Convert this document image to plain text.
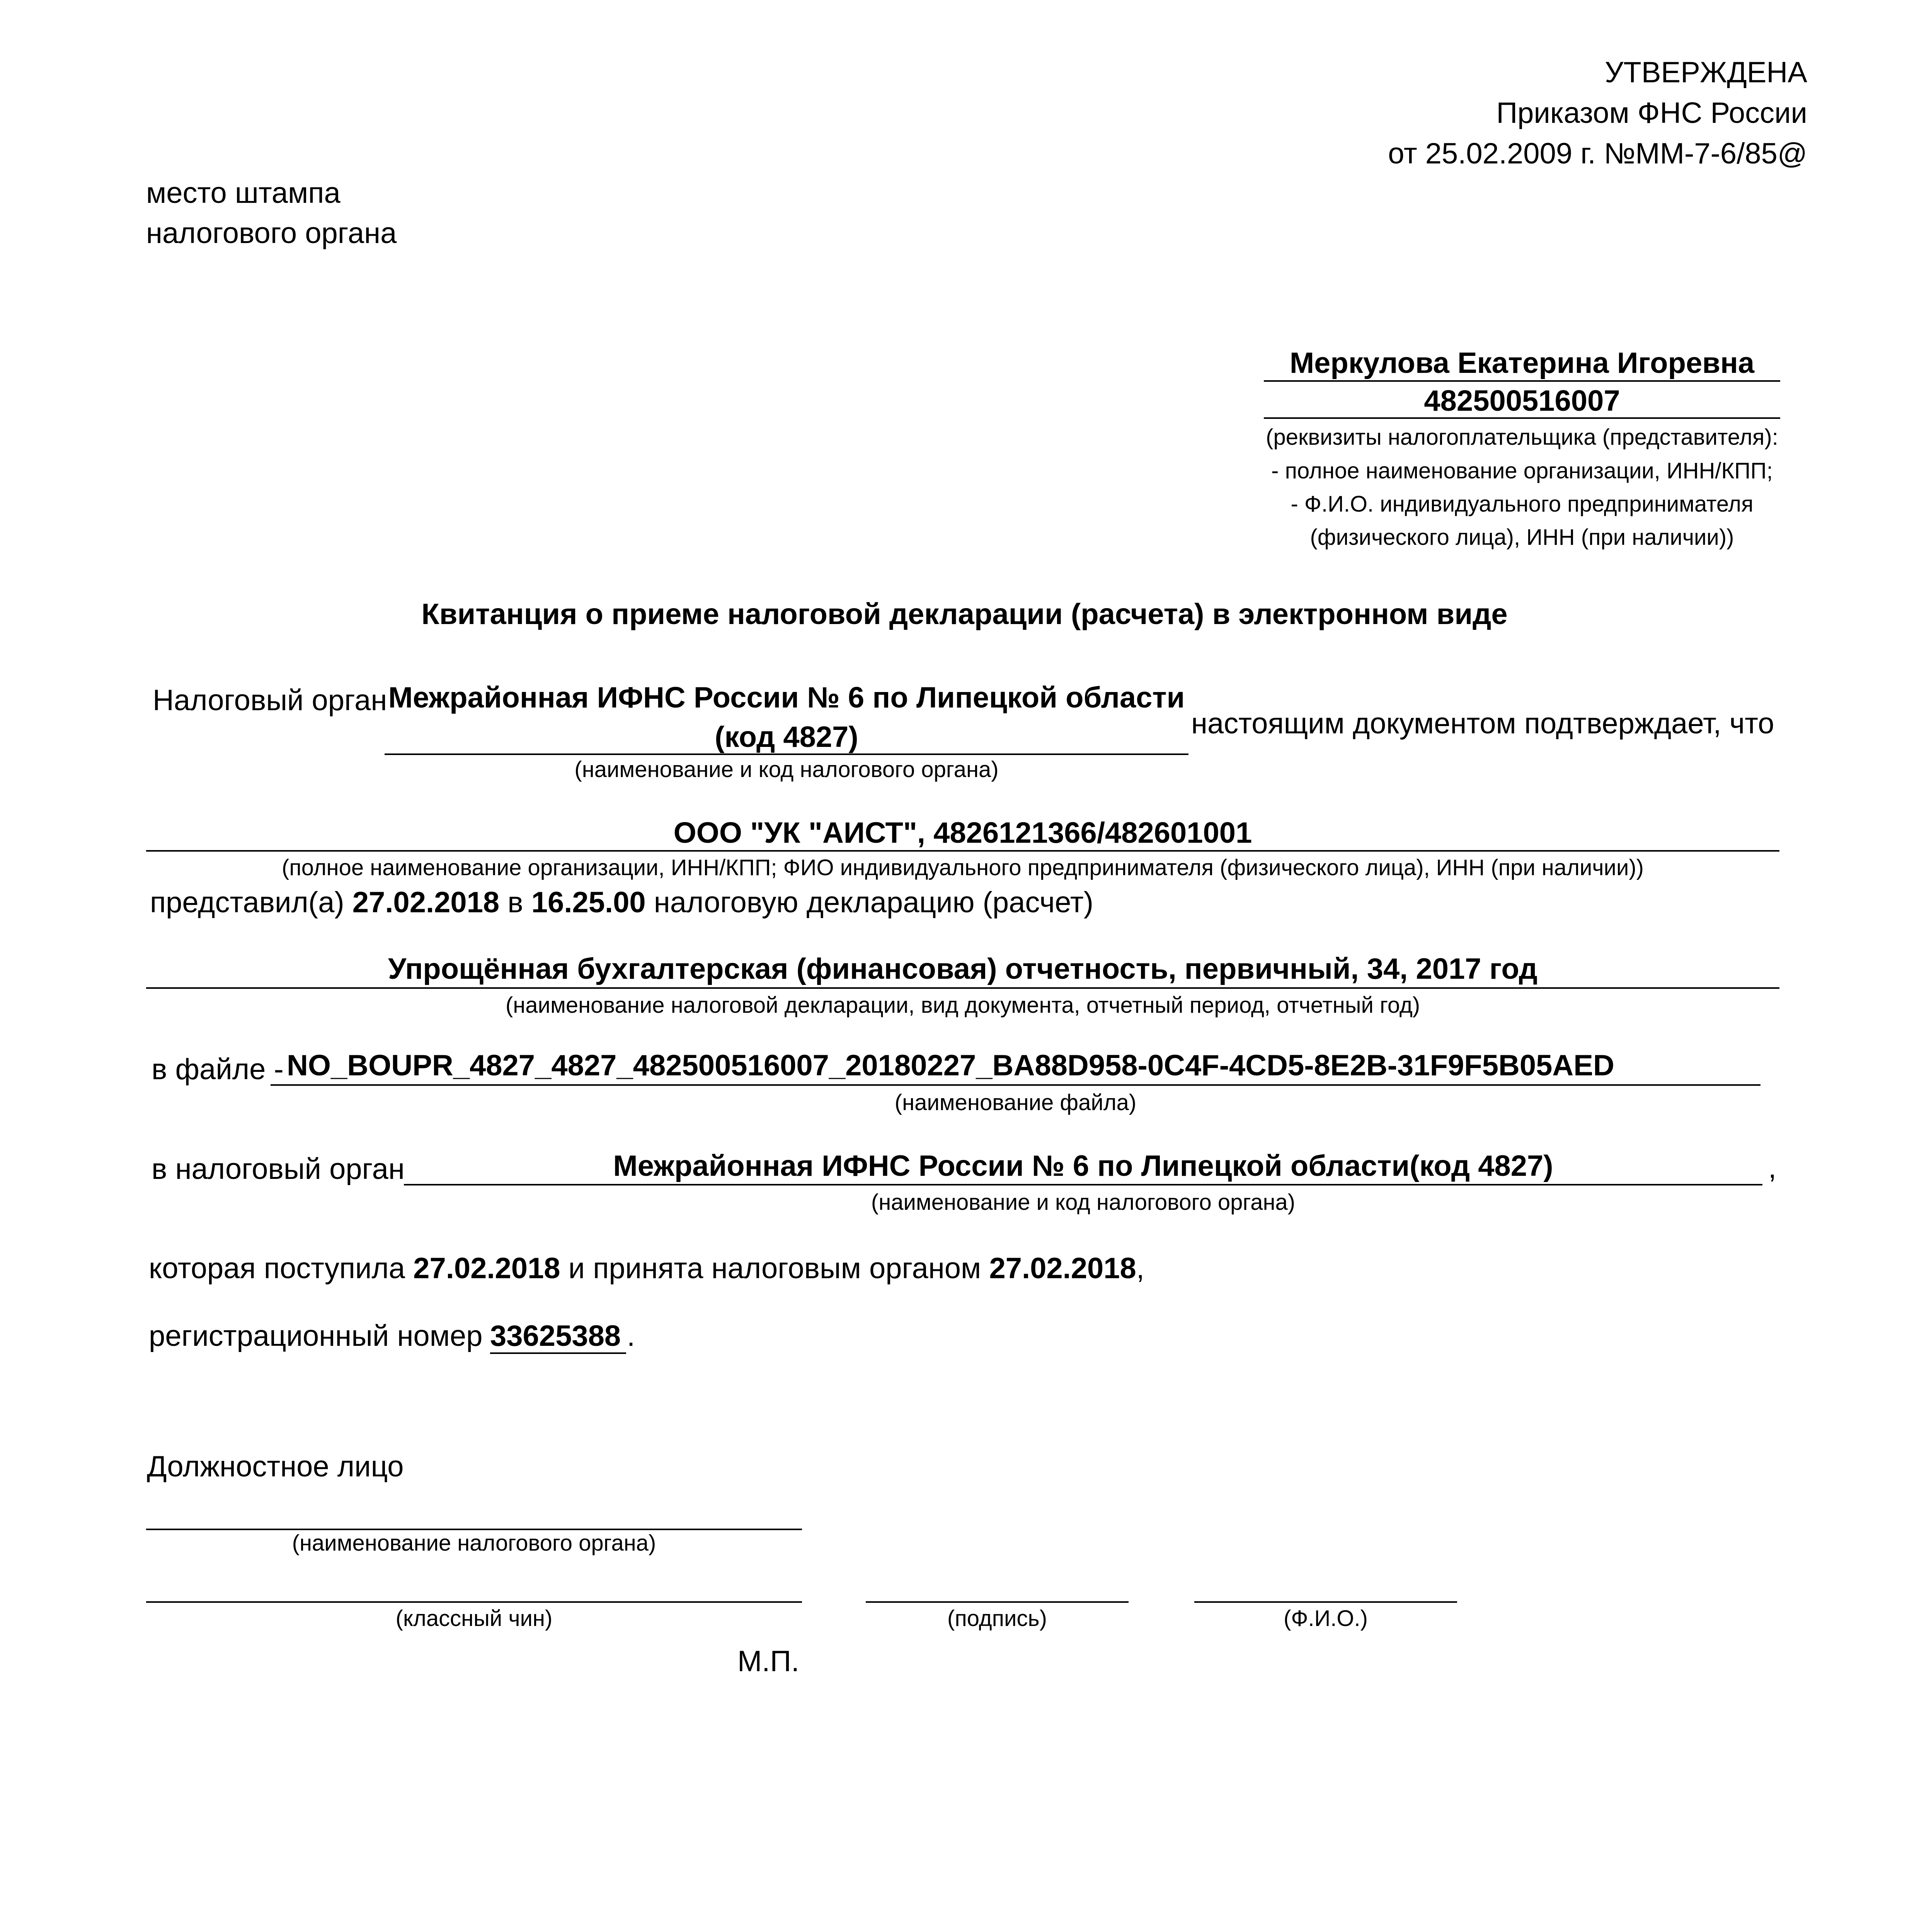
УТВЕРЖДЕНА
Приказом ФНС России
от 25.02.2009 г. №ММ-7-6/85@
место штампа
налогового органа
Меркулова Екатерина Игоревна
482500516007
(реквизиты налогоплательщика (представителя):
- полное наименование организации, ИНН/КПП;
- Ф.И.О. индивидуального предпринимателя
(физического лица), ИНН (при наличии))
Квитанция о приеме налоговой декларации (расчета) в электронном виде
Налоговый орган Межрайонная ИФНС России № 6 по Липецкой области
(код 4827)	настоящим документом подтверждает, что
(наименование и код налогового органа)
ООО "УК "АИСТ", 4826121366/482601001
(полное наименование организации, ИНН/КПП; ФИО индивидуального предпринимателя (физического лица), ИНН (при наличии))
представил(а) 27.02.2018 в 16.25.00 налоговую декларацию (расчет)
Упрощённая бухгалтерская (финансовая) отчетность, первичный, 34, 2017 год
(наименование налоговой декларации, вид документа, отчетный период, отчетный год)
в файле - NO_BOUPR_4827_4827_482500516007_20180227_BA88D958-0C4F-4CD5-8E2B-31F9F5B05AED
(наименование файла)
в налоговый орган	Межрайонная ИФНС России № 6 по Липецкой области(код 4827)	,
(наименование и код налогового органа)
которая поступила 27.02.2018 и принята налоговым органом 27.02.2018,
регистрационный номер 33625388 .
Должностное лицо
(наименование налогового органа)
(классный чин)	(подпись)	(Ф.И.О.)
М.П.
